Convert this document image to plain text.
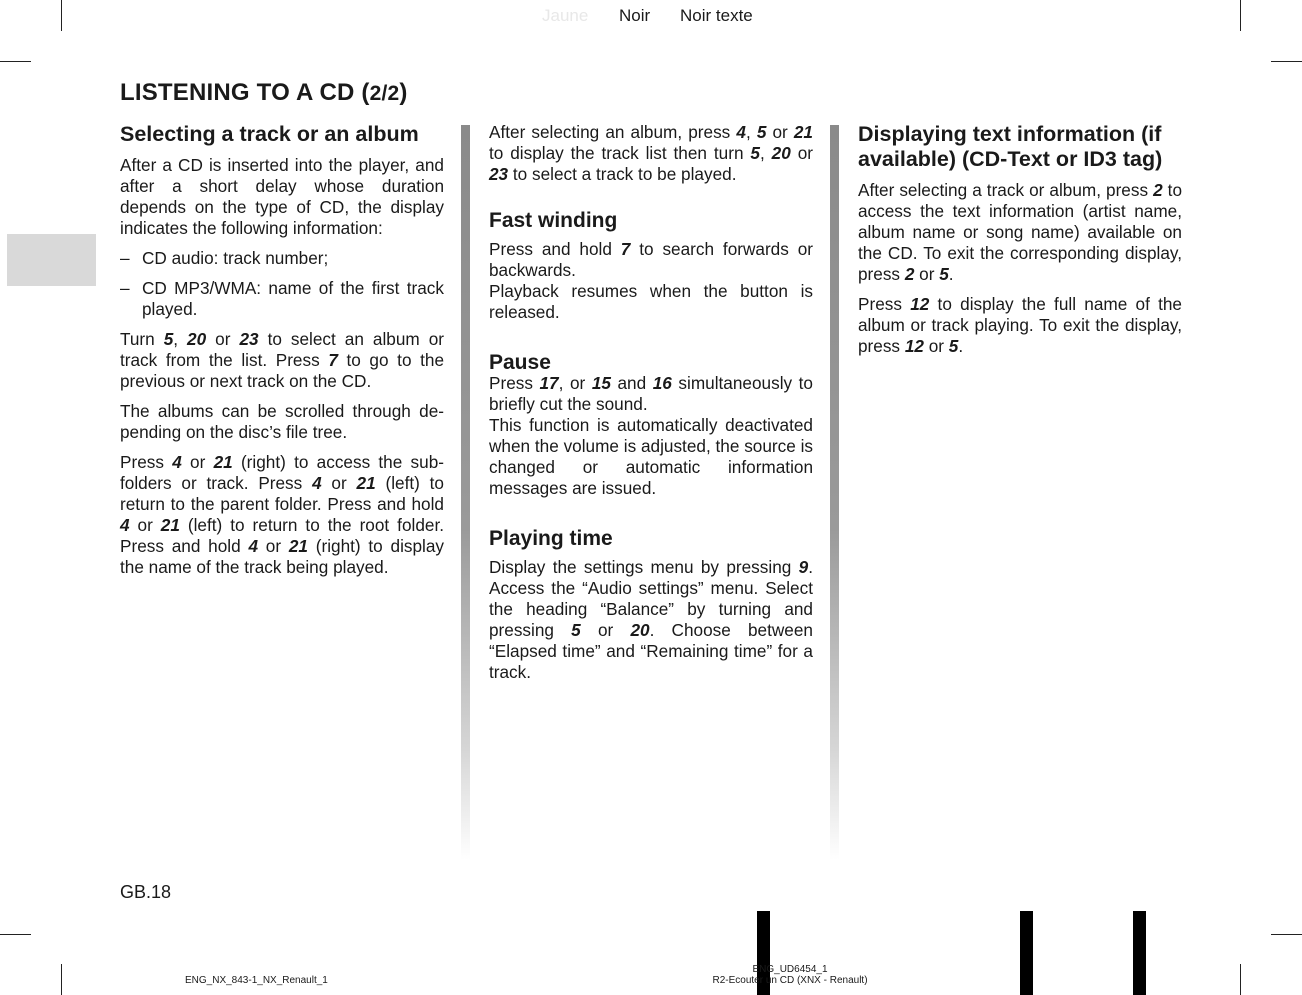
Jaune Noir Noir texte
LISTENING TO A CD (2/2)
Selecting a track or an album

After a CD is inserted into the player, and after a short delay whose duration depends on the type of CD, the display indicates the following information:

– CD audio: track number;
– CD MP3/WMA: name of the first track played.

Turn 5, 20 or 23 to select an album or track from the list. Press 7 to go to the previous or next track on the CD.

The albums can be scrolled through depending on the disc’s file tree.

Press 4 or 21 (right) to access the sub-folders or track. Press 4 or 21 (left) to return to the parent folder. Press and hold 4 or 21 (left) to return to the root folder. Press and hold 4 or 21 (right) to display the name of the track being played.

After selecting an album, press 4, 5 or 21 to display the track list then turn 5, 20 or 23 to select a track to be played.

Fast winding

Press and hold 7 to search forwards or backwards.

Playback resumes when the button is released.

Pause

Press 17, or 15 and 16 simultaneously to briefly cut the sound.

This function is automatically deactivated when the volume is adjusted, the source is changed or automatic information messages are issued.

Playing time

Display the settings menu by pressing 9. Access the “Audio settings” menu. Select the heading “Balance” by turning and pressing 5 or 20. Choose between “Elapsed time” and “Remaining time” for a track.

Displaying text information (if available) (CD-Text or ID3 tag)

After selecting a track or album, press 2 to access the text information (artist name, album name or song name) available on the CD. To exit the corresponding display, press 2 or 5.

Press 12 to display the full name of the album or track playing. To exit the display, press 12 or 5.

GB.18
ENG_NX_843-1_NX_Renault_1
ENG_UD6454_1
R2-Ecouter un CD (XNX - Renault)
